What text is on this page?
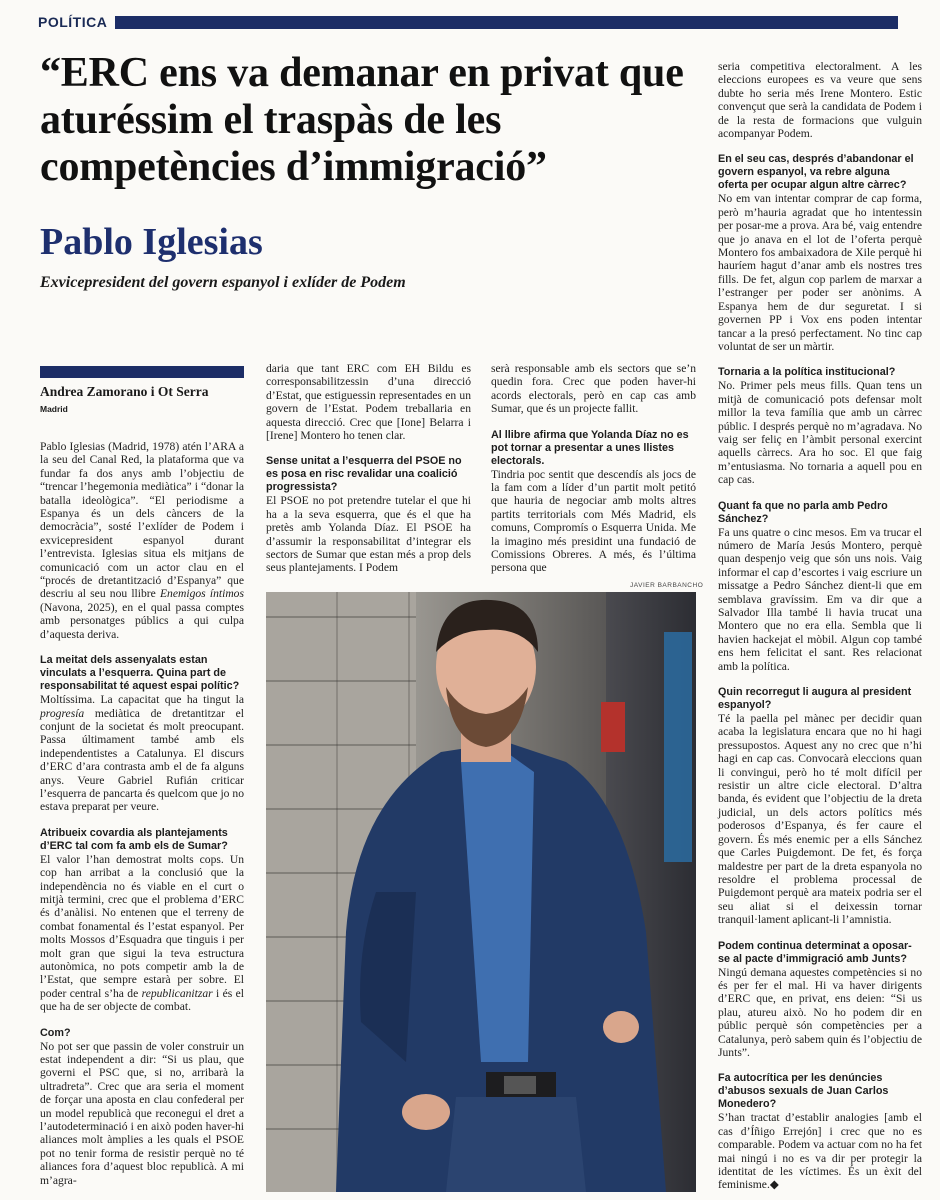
POLÍTICA
“ERC ens va demanar en privat que aturéssim el traspàs de les competències d’immigració”
Pablo Iglesias
Exvicepresident del govern espanyol i exlíder de Podem
Andrea Zamorano i Ot Serra
Madrid

Pablo Iglesias (Madrid, 1978) atén l’ARA a la seu del Canal Red, la plataforma que va fundar fa dos anys amb l’objectiu de “trencar l’hegemonia mediàtica” i “donar la batalla ideològica”. “El periodisme a Espanya és un dels càncers de la democràcia”, sosté l’exlíder de Podem i exvicepresident espanyol durant l’entrevista. Iglesias situa els mitjans de comunicació com un actor clau en el “procés de dretantització d’Espanya” que descriu al seu nou llibre Enemigos íntimos (Navona, 2025), en el qual passa comptes amb personatges públics a qui culpa d’aquesta deriva.

La meitat dels assenyalats estan vinculats a l’esquerra. Quina part de responsabilitat té aquest espai polític?

Moltíssima. La capacitat que ha tingut la progresía mediàtica de dretantitzar el conjunt de la societat és molt preocupant. Passa últimament també amb els independentistes a Catalunya. El discurs d’ERC d’ara contrasta amb el de fa alguns anys. Veure Gabriel Rufián criticar l’esquerra de pancarta és quelcom que jo no estava preparat per veure.

Atribueix covardia als plantejaments d’ERC tal com fa amb els de Sumar?

El valor l’han demostrat molts cops. Un cop han arribat a la conclusió que la independència no és viable en el curt o mitjà termini, crec que el problema d’ERC és d’anàlisi. No entenen que el terreny de combat fonamental és l’estat espanyol. Per molts Mossos d’Esquadra que tinguis i per molt gran que sigui la teva estructura autonòmica, no pots competir amb la de l’Estat, que sempre estarà per sobre. El poder central s’ha de republicanitzar i és el que ha de ser objecte de combat.

Com?

No pot ser que passin de voler construir un estat independent a dir: “Si us plau, que governi el PSC que, si no, arribarà la ultradreta”. Crec que ara seria el moment de forçar una aposta en clau confederal per un model republicà que reconegui el dret a l’autodeterminació i en això poden haver-hi aliances molt àmplies a les quals el PSOE pot no tenir forma de resistir perquè no té aliances fora d’aquest bloc republicà. A mi m’agra-

daria que tant ERC com EH Bildu es corresponsabilitzessin d’una direcció d’Estat, que estiguessin representades en un govern de l’Estat. Podem treballaria en aquesta direcció. Crec que [Ione] Belarra i [Irene] Montero ho tenen clar.

Sense unitat a l’esquerra del PSOE no es posa en risc revalidar una coalició progressista?

El PSOE no pot pretendre tutelar el que hi ha a la seva esquerra, que és el que ha pretès amb Yolanda Díaz. El PSOE ha d’assumir la responsabilitat d’integrar els sectors de Sumar que estan més a prop dels seus plantejaments. I Podem

serà responsable amb els sectors que se’n quedin fora. Crec que poden haver-hi acords electorals, però en cap cas amb Sumar, que és un projecte fallit.

Al llibre afirma que Yolanda Díaz no es pot tornar a presentar a unes llistes electorals.

Tindria poc sentit que descendís als jocs de la fam com a líder d’un partit molt petitó que hauria de negociar amb molts altres partits territorials com Més Madrid, els comuns, Compromís o Esquerra Unida. Me la imagino més presidint una fundació de Comissions Obreres. A més, és l’última persona que

JAVIER BARBANCHO

seria competitiva electoralment. A les eleccions europees es va veure que sens dubte ho seria més Irene Montero. Estic convençut que serà la candidata de Podem i de la resta de formacions que vulguin acompanyar Podem.

En el seu cas, després d’abandonar el govern espanyol, va rebre alguna oferta per ocupar algun altre càrrec?

No em van intentar comprar de cap forma, però m’hauria agradat que ho intentessin per posar-me a prova. Ara bé, vaig entendre que jo anava en el lot de l’oferta perquè Montero fos ambaixadora de Xile perquè hi hauríem hagut d’anar amb els nostres tres fills. De fet, algun cop parlem de marxar a l’estranger per poder ser anònims. A Espanya hem de dur seguretat. I si governen PP i Vox ens poden intentar tancar a la presó perfectament. No tinc cap voluntat de ser un màrtir.

Tornaria a la política institucional?

No. Primer pels meus fills. Quan tens un mitjà de comunicació pots defensar molt millor la teva família que amb un càrrec públic. I després perquè no m’agradava. No vaig ser feliç en l’àmbit personal exercint aquells càrrecs. Ara ho soc. El que faig m’entusiasma. No tornaria a aquell pou en cap cas.

Quant fa que no parla amb Pedro Sánchez?

Fa uns quatre o cinc mesos. Em va trucar el número de María Jesús Montero, perquè quan despenjo veig que són uns nois. Vaig informar el cap d’escortes i vaig escriure un missatge a Pedro Sánchez dient-li que em semblava gravíssim. Em va dir que a Salvador Illa també li havia trucat una Montero que no era ella. Sembla que li havien hackejat el mòbil. Algun cop també ens hem felicitat el sant. Res relacionat amb la política.

Quin recorregut li augura al president espanyol?

Té la paella pel mànec per decidir quan acaba la legislatura encara que no hi hagi pressupostos. Aquest any no crec que n’hi hagi en cap cas. Convocarà eleccions quan li convingui, però ho té molt difícil per resistir un altre cicle electoral. D’altra banda, és evident que l’objectiu de la dreta judicial, un dels actors polítics més poderosos d’Espanya, és fer caure el govern. És més enemic per a ells Sánchez que Carles Puigdemont. De fet, és força maldestre per part de la dreta espanyola no resoldre el problema processal de Puigdemont perquè ara mateix podria ser el seu aliat si el deixessin tornar tranquil·lament aplicant-li l’amnistia.

Podem continua determinat a oposar-se al pacte d’immigració amb Junts?

Ningú demana aquestes competències si no és per fer el mal. Hi va haver dirigents d’ERC que, en privat, ens deien: “Si us plau, atureu això. No ho podem dir en públic perquè són competències per a Catalunya, però sabem quin és l’objectiu de Junts”.

Fa autocrítica per les denúncies d’abusos sexuals de Juan Carlos Monedero?

S’han tractat d’establir analogies [amb el cas d’Íñigo Errejón] i crec que no es comparable. Podem va actuar com no ha fet mai ningú i no es va dir per protegir la identitat de les víctimes. És un èxit del feminisme.◆
